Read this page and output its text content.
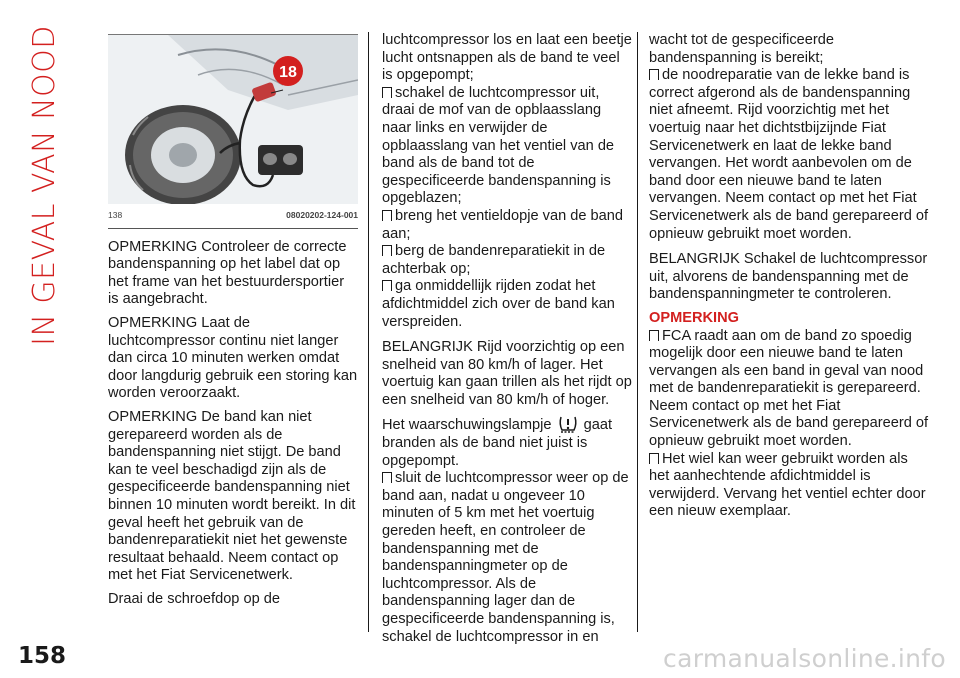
IN GEVAL VAN NOOD	18
138	08020202-124-001

OPMERKING Controleer de correcte bandenspanning op het label dat op het frame van het bestuurdersportier is aangebracht.

OPMERKING Laat de luchtcompressor continu niet langer dan circa 10 minuten werken omdat door langdurig gebruik een storing kan worden veroorzaakt.

OPMERKING De band kan niet gerepareerd worden als de bandenspanning niet stijgt. De band kan te veel beschadigd zijn als de gespecificeerde bandenspanning niet binnen 10 minuten wordt bereikt. In dit geval heeft het gebruik van de bandenreparatiekit niet het gewenste resultaat behaald. Neem contact op met het Fiat Servicenetwerk.

Draai de schroefdop op de

luchtcompressor los en laat een beetje lucht ontsnappen als de band te veel is opgepompt;

schakel de luchtcompressor uit, draai de mof van de opblaasslang naar links en verwijder de opblaasslang van het ventiel van de band als de band tot de gespecificeerde bandenspanning is opgeblazen;
breng het ventieldopje van de band aan;
berg de bandenreparatiekit in de achterbak op;
ga onmiddellijk rijden zodat het afdichtmiddel zich over de band kan verspreiden.

BELANGRIJK Rijd voorzichtig op een snelheid van 80 km/h of lager. Het voertuig kan gaan trillen als het rijdt op een snelheid van 80 km/h of hoger.

Het waarschuwingslampje gaat branden als de band niet juist is opgepompt.

sluit de luchtcompressor weer op de band aan, nadat u ongeveer 10 minuten of 5 km met het voertuig gereden heeft, en controleer de bandenspanning met de bandenspanningmeter op de luchtcompressor. Als de bandenspanning lager dan de gespecificeerde bandenspanning is, schakel de luchtcompressor in en

wacht tot de gespecificeerde bandenspanning is bereikt;

de noodreparatie van de lekke band is correct afgerond als de bandenspanning niet afneemt. Rijd voorzichtig met het voertuig naar het dichtstbijzijnde Fiat Servicenetwerk en laat de lekke band vervangen. Het wordt aanbevolen om de band door een nieuwe band te laten vervangen. Neem contact op met het Fiat Servicenetwerk als de band gerepareerd of opnieuw gebruikt moet worden.

BELANGRIJK Schakel de luchtcompressor uit, alvorens de bandenspanning met de bandenspanningmeter te controleren.

OPMERKING
FCA raadt aan om de band zo spoedig mogelijk door een nieuwe band te laten vervangen als een band in geval van nood met de bandenreparatiekit is gerepareerd. Neem contact op met het Fiat Servicenetwerk als de band gerepareerd of opnieuw gebruikt moet worden.
Het wiel kan weer gebruikt worden als het aanhechtende afdichtmiddel is verwijderd. Vervang het ventiel echter door een nieuw exemplaar.
158	carmanualsonline.info
